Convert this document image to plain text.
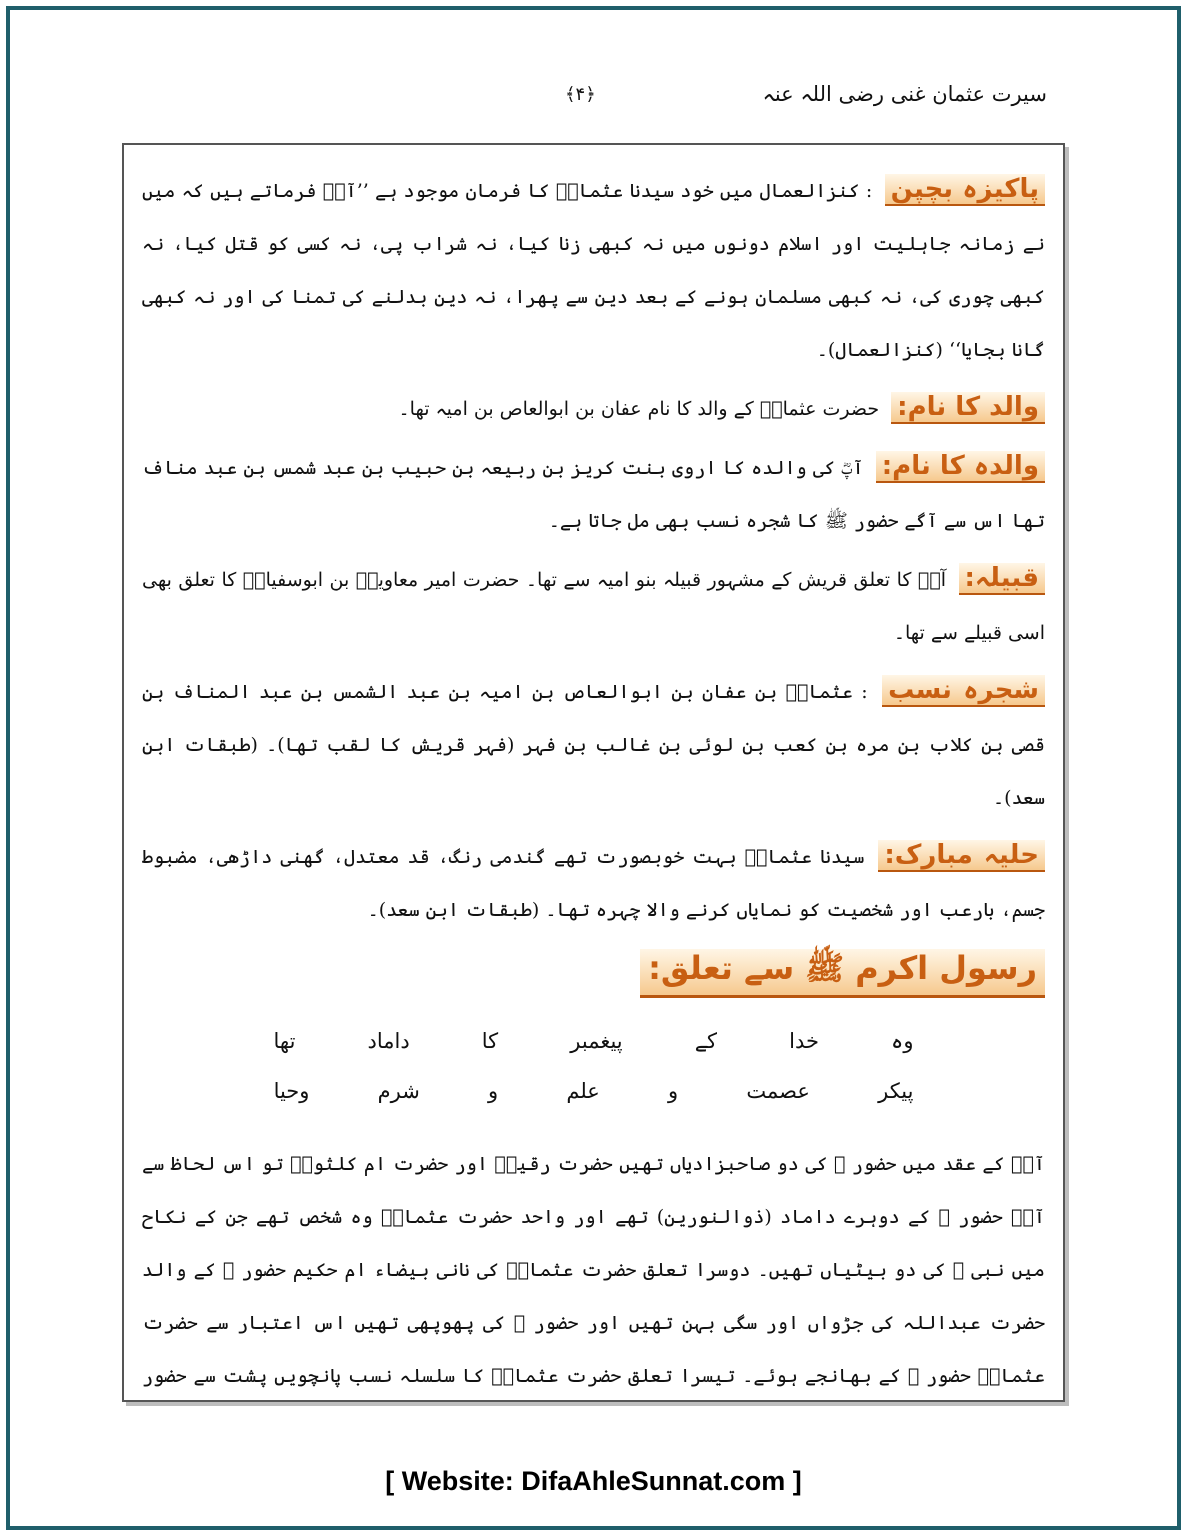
سیرت عثمان غنی رضی اللہ عنہ
﴾۴﴿

پاکیزہ بچپن : کنزالعمال میں خود سیدنا عثمانؓ کا فرمان موجود ہے ’’آپؓ فرماتے ہیں کہ میں نے زمانہ جاہلیت اور اسلام دونوں میں نہ کبھی زنا کیا، نہ شراب پی، نہ کسی کو قتل کیا، نہ کبھی چوری کی، نہ کبھی مسلمان ہونے کے بعد دین سے پھرا، نہ دین بدلنے کی تمنا کی اور نہ کبھی گانا بجایا‘‘ (کنزالعمال)۔

والد کا نام: حضرت عثمانؓ کے والد کا نام عفان بن ابوالعاص بن امیہ تھا۔

والدہ کا نام: آپؓ کی والدہ کا اروی بنت کریز بن ربیعہ بن حبیب بن عبد شمس بن عبد مناف تھا اس سے آگے حضور ﷺ کا شجرہ نسب بھی مل جاتا ہے۔

قبیلہ: آپؓ کا تعلق قریش کے مشہور قبیلہ بنو امیہ سے تھا۔ حضرت امیر معاویہؓ بن ابوسفیانؓ کا تعلق بھی اسی قبیلے سے تھا۔

شجرہ نسب : عثمانؓ بن عفان بن ابوالعاص بن امیہ بن عبد الشمس بن عبد المناف بن قصی بن کلاب بن مرہ بن کعب بن لوئی بن غالب بن فہر (فہر قریش کا لقب تھا)۔ (طبقات ابن سعد)۔

حلیہ مبارک: سیدنا عثمانؓ بہت خوبصورت تھے گندمی رنگ، قد معتدل، گھنی داڑھی، مضبوط جسم، بارعب اور شخصیت کو نمایاں کرنے والا چہرہ تھا۔ (طبقات ابن سعد)۔

رسول اکرم ﷺ سے تعلق:
وہ
خدا
کے
پیغمبر
کا
داماد
تھا
پیکر
عصمت
و
علم
و
شرم
وحیا

آپؓ کے عقد میں حضور ﷺ کی دو صاحبزادیاں تھیں حضرت رقیہؓ اور حضرت ام کلثومؓ تو اس لحاظ سے آپؓ حضور ﷺ کے دوہرے داماد (ذوالنورین) تھے اور واحد حضرت عثمانؓ وہ شخص تھے جن کے نکاح میں نبی ﷺ کی دو بیٹیاں تھیں۔ دوسرا تعلق حضرت عثمانؓ کی نانی بیضاء ام حکیم حضور ﷺ کے والد حضرت عبداللہ کی جڑواں اور سگی بہن تھیں اور حضور ﷺ کی پھوپھی تھیں اس اعتبار سے حضرت عثمانؓ حضور ﷺ کے بھانجے ہوئے۔ تیسرا تعلق حضرت عثمانؓ کا سلسلہ نسب پانچویں پشت سے حضور

[ Website: DifaAhleSunnat.com ]
